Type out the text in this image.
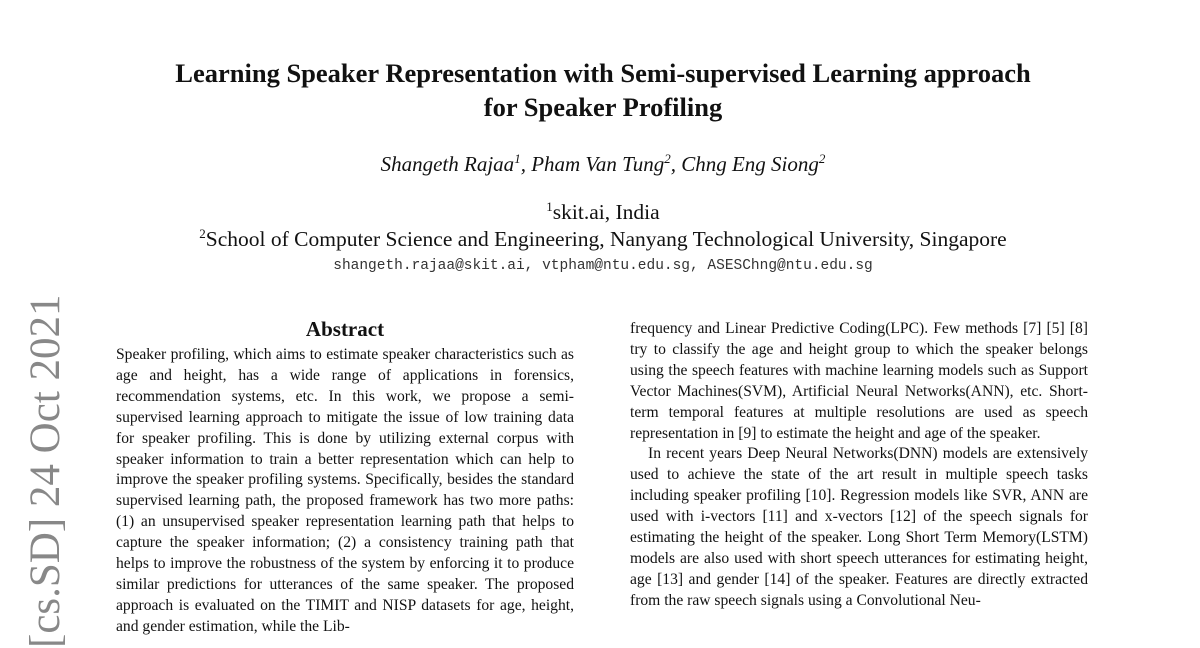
Learning Speaker Representation with Semi-supervised Learning approach
for Speaker Profiling
Shangeth Rajaa$^1$, Pham Van Tung$^2$, Chng Eng Siong$^2$
$^1$skit.ai, India
$^2$School of Computer Science and Engineering, Nanyang Technological University, Singapore
shangeth.rajaa@skit.ai, vtpham@ntu.edu.sg, ASESChng@ntu.edu.sg
Abstract

Speaker profiling, which aims to estimate speaker characteristics such as age and height, has a wide range of applications in forensics, recommendation systems, etc. In this work, we propose a semi-supervised learning approach to mitigate the issue of low training data for speaker profiling. This is done by utilizing external corpus with speaker information to train a better representation which can help to improve the speaker profiling systems. Specifically, besides the standard supervised learning path, the proposed framework has two more paths: (1) an unsupervised speaker representation learning path that helps to capture the speaker information; (2) a consistency training path that helps to improve the robustness of the system by enforcing it to produce similar predictions for utterances of the same speaker. The proposed approach is evaluated on the TIMIT and NISP datasets for age, height, and gender estimation, while the Lib-

frequency and Linear Predictive Coding(LPC). Few methods [7] [5] [8] try to classify the age and height group to which the speaker belongs using the speech features with machine learning models such as Support Vector Machines(SVM), Artificial Neural Networks(ANN), etc. Short-term temporal features at multiple resolutions are used as speech representation in [9] to estimate the height and age of the speaker.

In recent years Deep Neural Networks(DNN) models are extensively used to achieve the state of the art result in multiple speech tasks including speaker profiling [10]. Regression models like SVR, ANN are used with i-vectors [11] and x-vectors [12] of the speech signals for estimating the height of the speaker. Long Short Term Memory(LSTM) models are also used with short speech utterances for estimating height, age [13] and gender [14] of the speaker. Features are directly extracted from the raw speech signals using a Convolutional Neu-

[cs.SD] 24 Oct 2021
